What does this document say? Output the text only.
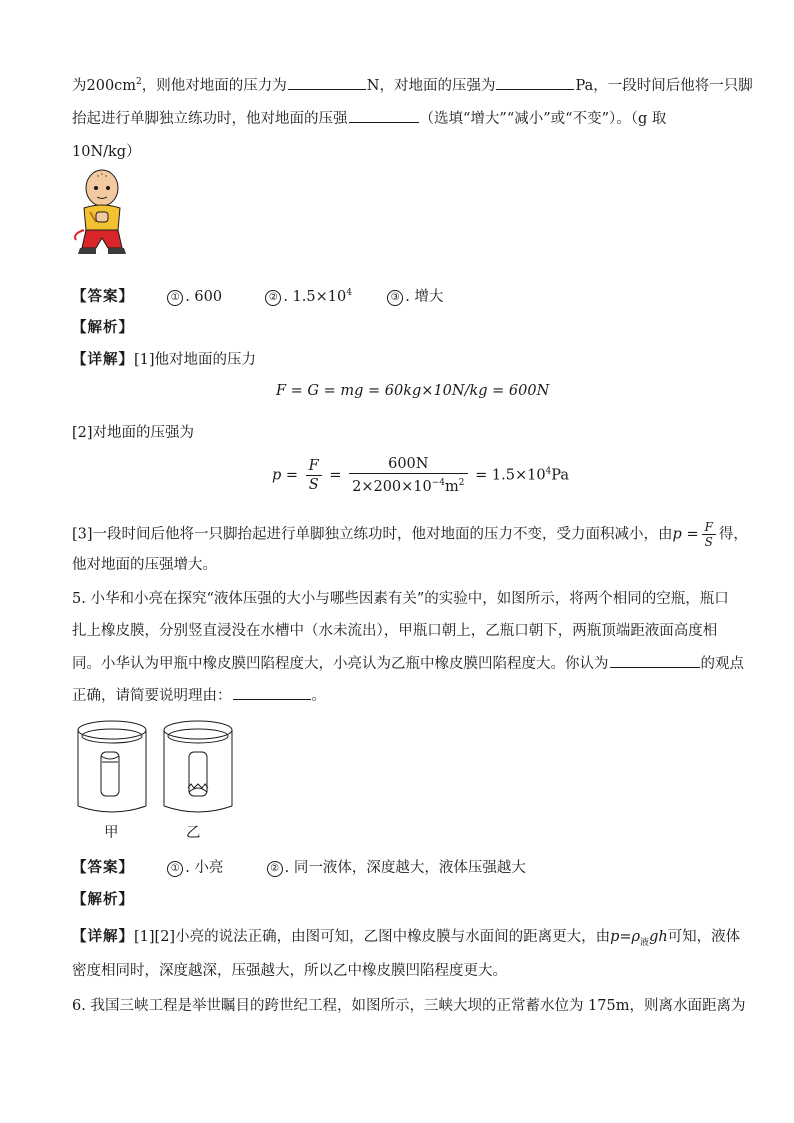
为$200cm^2$，则他对地面的压力为	N，对地面的压强为	Pa，一段时间后他将一只脚
抬起进行单脚独立练功时，他对地面的压强	（选填“增大”“减小”或“不变”）。（g 取
10N/kg）
【答案】	① . 600	② . $1.5\times 10^4$	③ . 增大
【解析】
【详解】[1]他对地面的压力
F = G = mg = 60kg×10N/kg = 600N
[2]对地面的压强为
$p = \frac{F}{S} = \frac{600N}{2\times 200\times 10^{-4}m^2} = 1.5\times 10^4Pa$
[3]一段时间后他将一只脚抬起进行单脚独立练功时，他对地面的压力不变，受力面积减小，由$p = \frac{F}{S}$ 得，
他对地面的压强增大。
5. 小华和小亮在探究“液体压强的大小与哪些因素有关”的实验中，如图所示，将两个相同的空瓶，瓶口
扎上橡皮膜，分别竖直浸没在水槽中（水未流出），甲瓶口朝上，乙瓶口朝下，两瓶顶端距液面高度相
同。小华认为甲瓶中橡皮膜凹陷程度大，小亮认为乙瓶中橡皮膜凹陷程度大。你认为	的观点
正确，请简要说明理由：	。
甲	乙
【答案】	① . 小亮	② . 同一液体，深度越大，液体压强越大
【解析】
【详解】[1][2]小亮的说法正确，由图可知，乙图中橡皮膜与水面间的距离更大，由$p=\rho_液gh$可知，液体
密度相同时，深度越深，压强越大，所以乙中橡皮膜凹陷程度更大。
6. 我国三峡工程是举世瞩目的跨世纪工程，如图所示，三峡大坝的正常蓄水位为 175m，则离水面距离为
